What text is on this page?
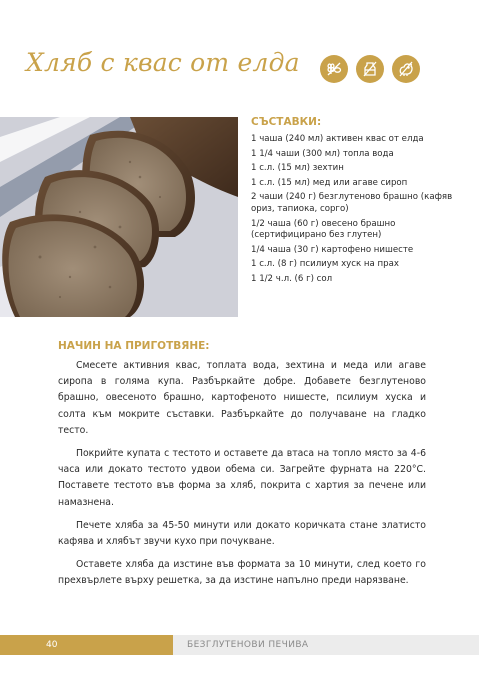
Хляб с квас от елда
СЪСТАВКИ:
1 чаша (240 мл) активен квас от елда
1 1/4 чаши (300 мл) топла вода
1 с.л. (15 мл) зехтин
1 с.л. (15 мл) мед или агаве сироп
2 чаши (240 г) безглутеново брашно (кафяв ориз, тапиока, сорго)
1/2 чаша (60 г) овесено брашно (сертифицирано без глутен)
1/4 чаша (30 г) картофено нишесте
1 с.л. (8 г) псилиум хуск на прах
1 1/2 ч.л. (6 г) сол
НАЧИН НА ПРИГОТВЯНЕ:

Смесете активния квас, топлата вода, зехтина и меда или агаве сиропа в голяма купа. Разбъркайте добре. Добавете безглутеново брашно, овесеното брашно, картофеното нишесте, псилиум хуска и солта към мокрите съставки. Разбъркайте до получаване на гладко тесто.

Покрийте купата с тестото и оставете да втаса на топло място за 4-6 часа или докато тестото удвои обема си. Загрейте фурната на 220°C. Поставете тестото във форма за хляб, покрита с хартия за печене или намазнена.

Печете хляба за 45-50 минути или докато коричката стане златисто кафява и хлябът звучи кухо при почукване.

Оставете хляба да изстине във формата за 10 минути, след което го прехвърлете върху решетка, за да изстине напълно преди нарязване.

40	БЕЗГЛУТЕНОВИ ПЕЧИВА
